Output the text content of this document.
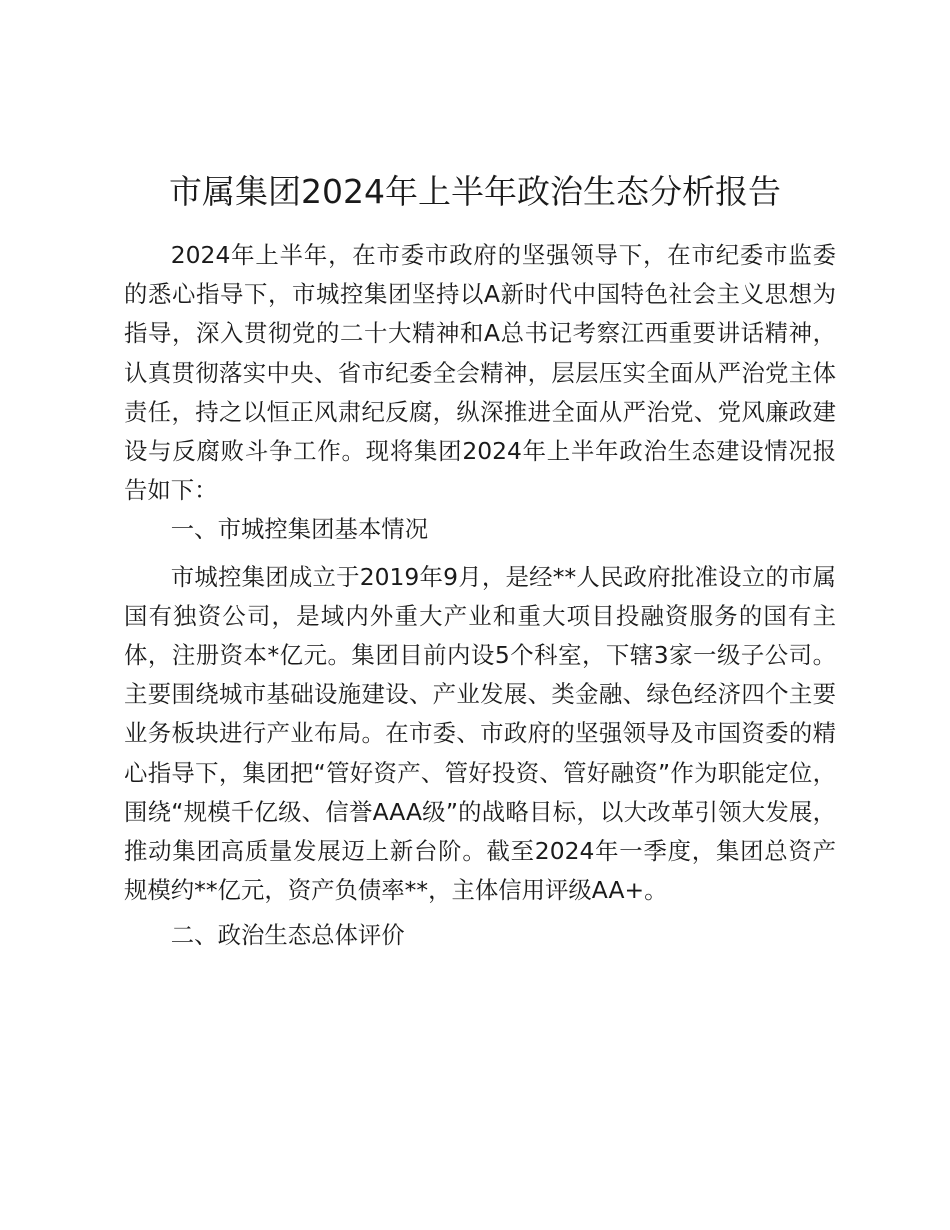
市属集团2024年上半年政治生态分析报告

2024年上半年，在市委市政府的坚强领导下，在市纪委市监委的悉心指导下，市城控集团坚持以A新时代中国特色社会主义思想为指导，深入贯彻党的二十大精神和A总书记考察江西重要讲话精神，认真贯彻落实中央、省市纪委全会精神，层层压实全面从严治党主体责任，持之以恒正风肃纪反腐，纵深推进全面从严治党、党风廉政建设与反腐败斗争工作。现将集团2024年上半年政治生态建设情况报告如下：

一、市城控集团基本情况

市城控集团成立于2019年9月，是经**人民政府批准设立的市属国有独资公司，是域内外重大产业和重大项目投融资服务的国有主体，注册资本*亿元。集团目前内设5个科室，下辖3家一级子公司。主要围绕城市基础设施建设、产业发展、类金融、绿色经济四个主要业务板块进行产业布局。在市委、市政府的坚强领导及市国资委的精心指导下，集团把“管好资产、管好投资、管好融资”作为职能定位，围绕“规模千亿级、信誉AAA级”的战略目标，以大改革引领大发展，推动集团高质量发展迈上新台阶。截至2024年一季度，集团总资产规模约**亿元，资产负债率**，主体信用评级AA+。

二、政治生态总体评价
